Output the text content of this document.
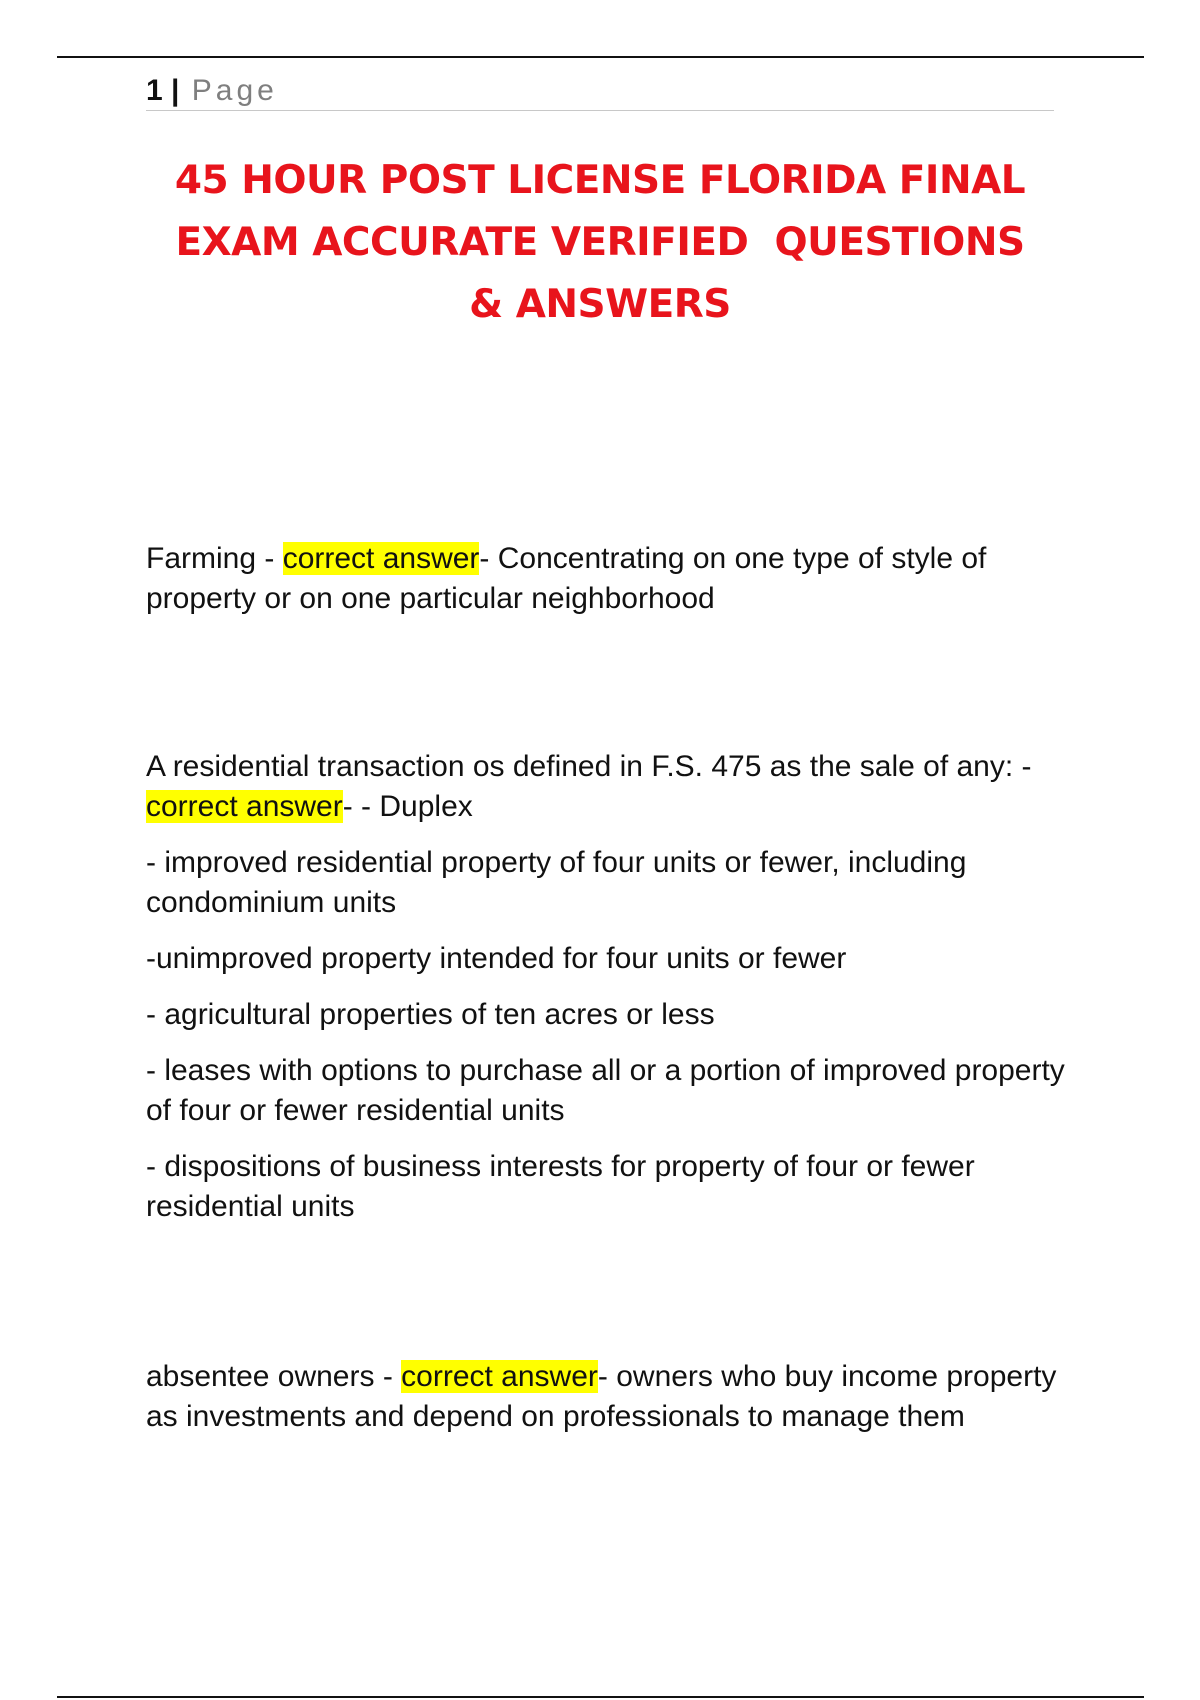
1 | Page
45 HOUR POST LICENSE FLORIDA FINAL
EXAM ACCURATE VERIFIED  QUESTIONS
& ANSWERS

Farming - correct answer- Concentrating on one type of style of property or on one particular neighborhood

A residential transaction os defined in F.S. 475 as the sale of any: - correct answer- - Duplex

- improved residential property of four units or fewer, including condominium units

-unimproved property intended for four units or fewer

- agricultural properties of ten acres or less

- leases with options to purchase all or a portion of improved property of four or fewer residential units

- dispositions of business interests for property of four or fewer residential units

absentee owners - correct answer- owners who buy income property as investments and depend on professionals to manage them
